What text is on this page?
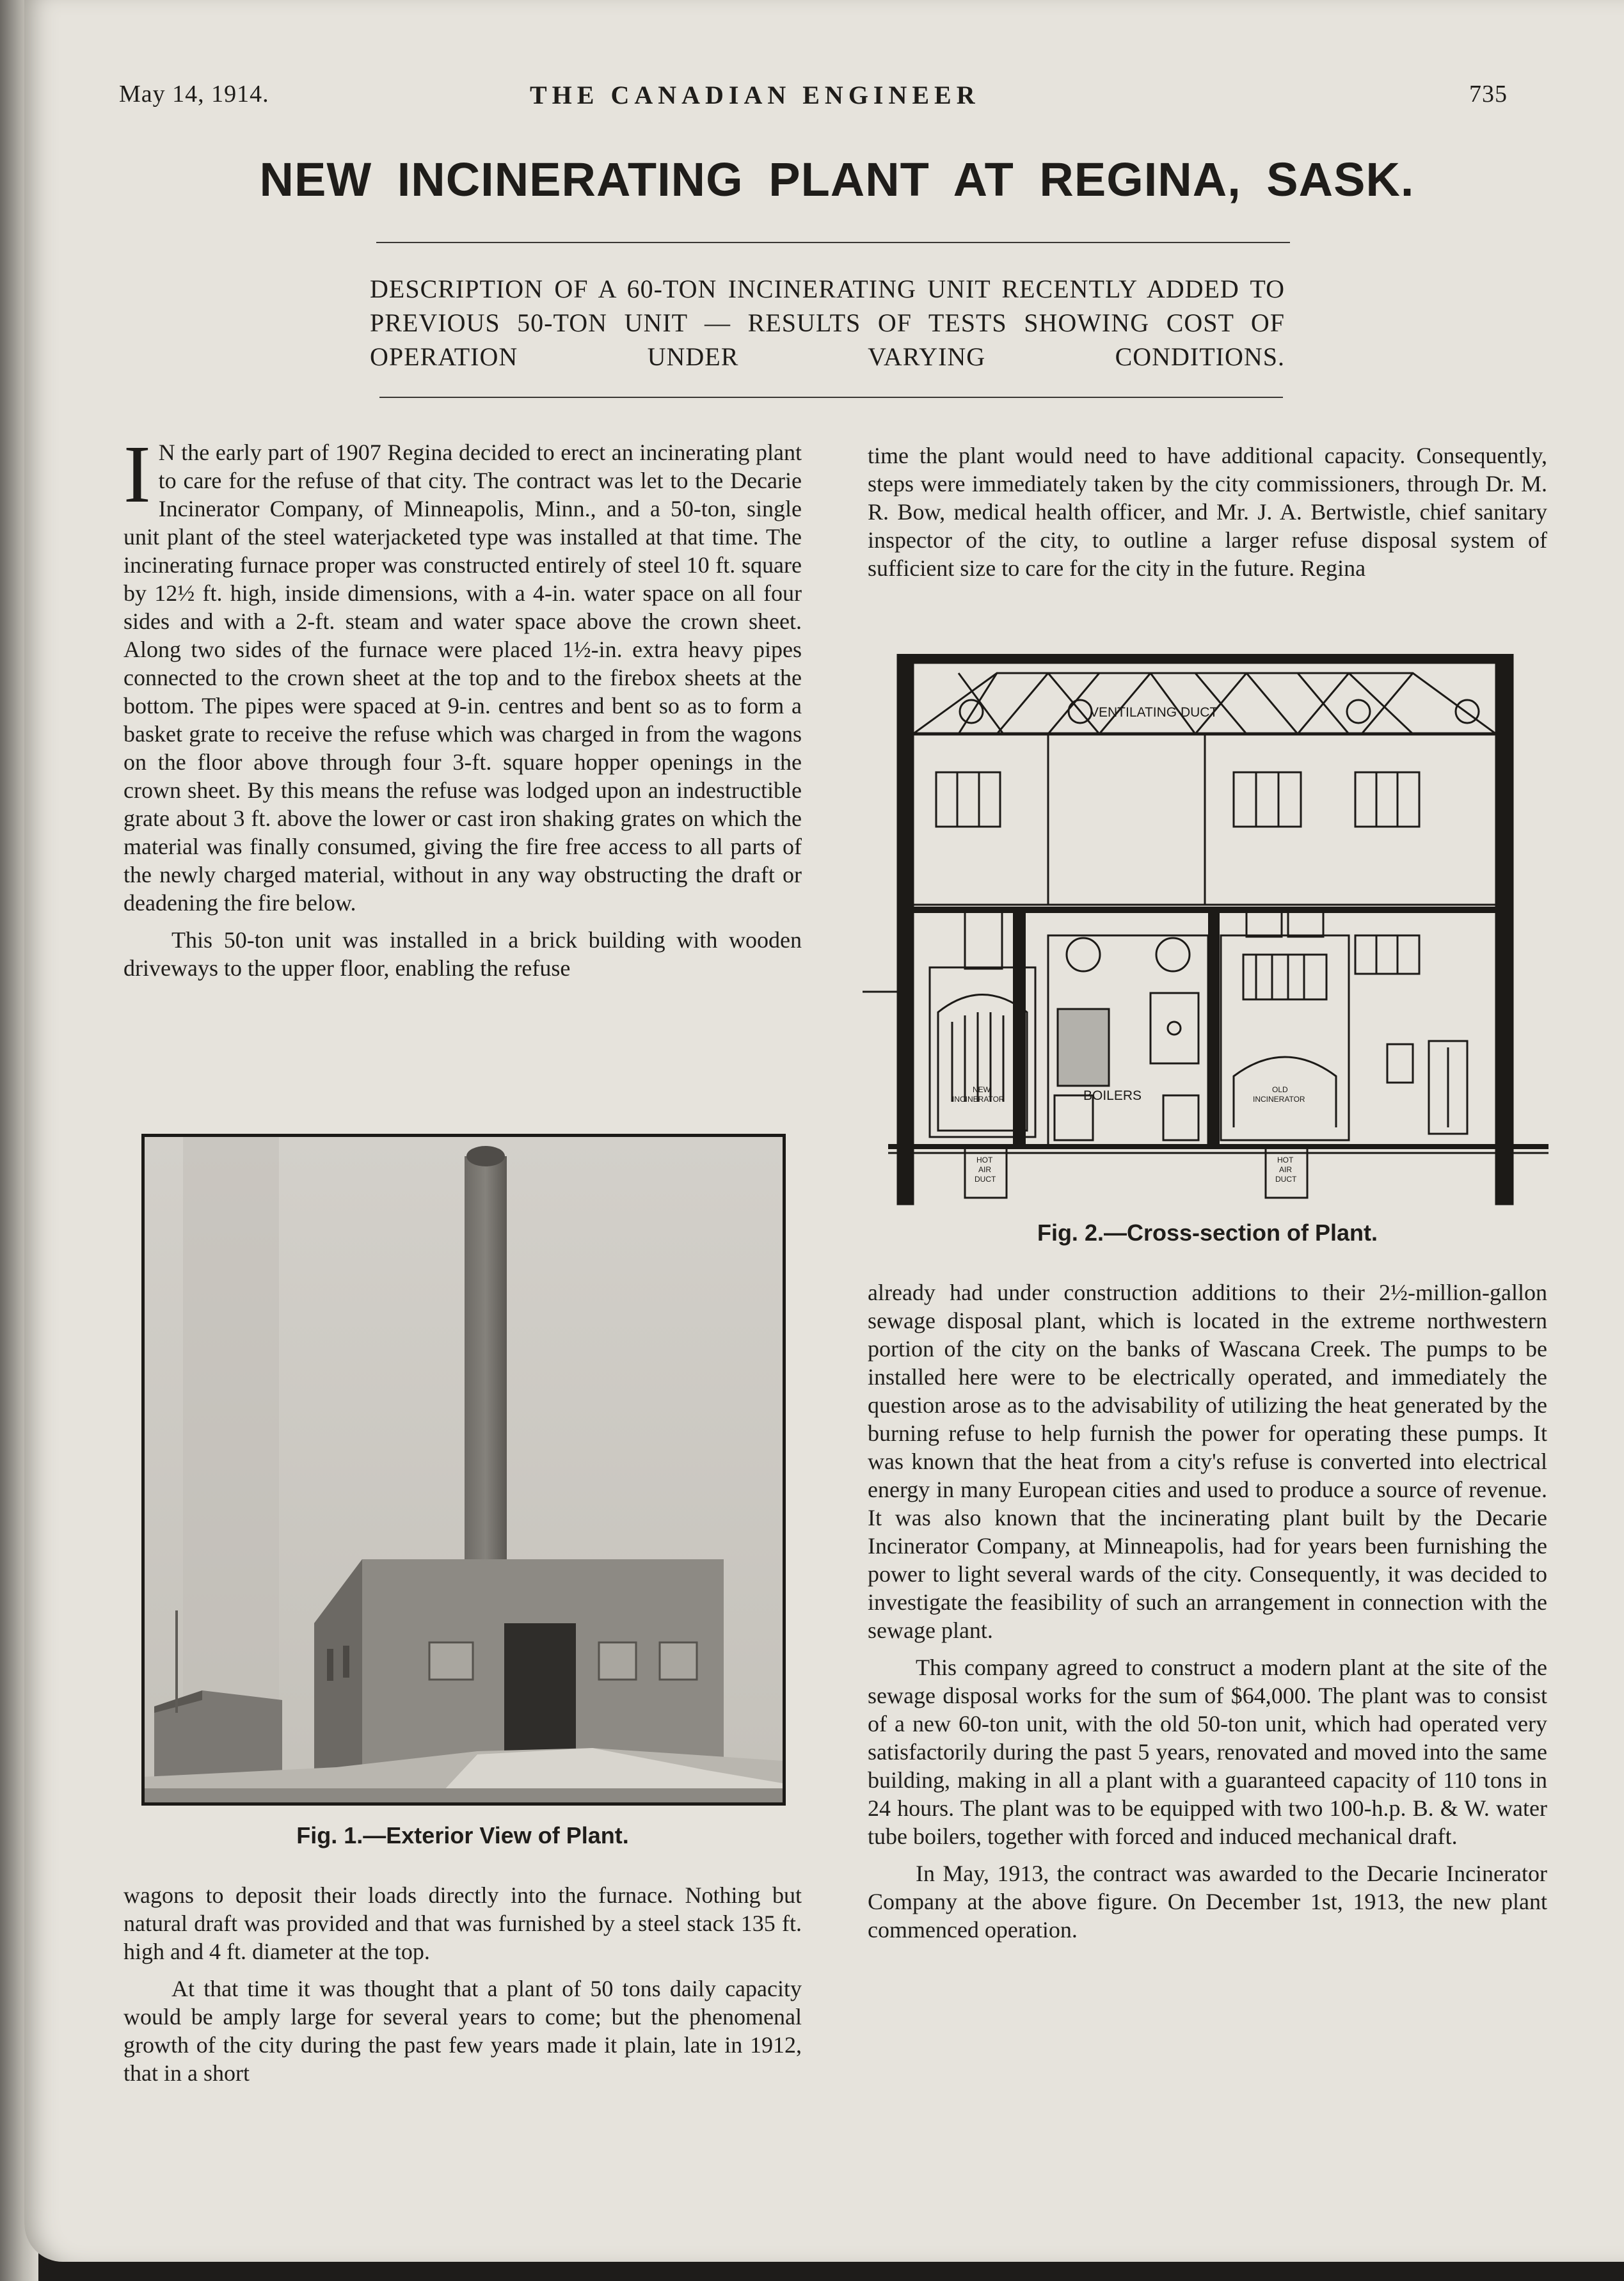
May 14, 1914.	THE CANADIAN ENGINEER	735
NEW INCINERATING PLANT AT REGINA, SASK.
DESCRIPTION OF A 60-TON INCINERATING UNIT RECENTLY ADDED TO PREVIOUS 50-TON UNIT — RESULTS OF TESTS SHOWING COST OF OPERATION UNDER VARYING CONDITIONS.

I N the early part of 1907 Regina decided to erect an incinerating plant to care for the refuse of that city. The contract was let to the Decarie Incinerator Company, of Minneapolis, Minn., and a 50-ton, single unit plant of the steel waterjacketed type was installed at that time. The incinerating furnace proper was constructed entirely of steel 10 ft. square by 12½ ft. high, inside dimensions, with a 4-in. water space on all four sides and with a 2-ft. steam and water space above the crown sheet. Along two sides of the furnace were placed 1½-in. extra heavy pipes connected to the crown sheet at the top and to the firebox sheets at the bottom. The pipes were spaced at 9-in. centres and bent so as to form a basket grate to receive the refuse which was charged in from the wagons on the floor above through four 3-ft. square hopper openings in the crown sheet. By this means the refuse was lodged upon an indestructible grate about 3 ft. above the lower or cast iron shaking grates on which the material was finally consumed, giving the fire free access to all parts of the newly charged material, without in any way obstructing the draft or deadening the fire below.

This 50-ton unit was installed in a brick building with wooden driveways to the upper floor, enabling the refuse

Fig. 1.—Exterior View of Plant.

wagons to deposit their loads directly into the furnace. Nothing but natural draft was provided and that was furnished by a steel stack 135 ft. high and 4 ft. diameter at the top.

At that time it was thought that a plant of 50 tons daily capacity would be amply large for several years to come; but the phenomenal growth of the city during the past few years made it plain, late in 1912, that in a short

time the plant would need to have additional capacity. Consequently, steps were immediately taken by the city commissioners, through Dr. M. R. Bow, medical health officer, and Mr. J. A. Bertwistle, chief sanitary inspector of the city, to outline a larger refuse disposal system of sufficient size to care for the city in the future. Regina

VENTILATING DUCT
BOILERS
NEW
INCINERATOR
OLD
INCINERATOR
HOT
AIR
DUCT
HOT
AIR
DUCT
Fig. 2.—Cross-section of Plant.

already had under construction additions to their 2½-million-gallon sewage disposal plant, which is located in the extreme northwestern portion of the city on the banks of Wascana Creek. The pumps to be installed here were to be electrically operated, and immediately the question arose as to the advisability of utilizing the heat generated by the burning refuse to help furnish the power for operating these pumps. It was known that the heat from a city's refuse is converted into electrical energy in many European cities and used to produce a source of revenue. It was also known that the incinerating plant built by the Decarie Incinerator Company, at Minneapolis, had for years been furnishing the power to light several wards of the city. Consequently, it was decided to investigate the feasibility of such an arrangement in connection with the sewage plant.

This company agreed to construct a modern plant at the site of the sewage disposal works for the sum of $64,000. The plant was to consist of a new 60-ton unit, with the old 50-ton unit, which had operated very satisfactorily during the past 5 years, renovated and moved into the same building, making in all a plant with a guaranteed capacity of 110 tons in 24 hours. The plant was to be equipped with two 100-h.p. B. & W. water tube boilers, together with forced and induced mechanical draft.

In May, 1913, the contract was awarded to the Decarie Incinerator Company at the above figure. On December 1st, 1913, the new plant commenced operation.
